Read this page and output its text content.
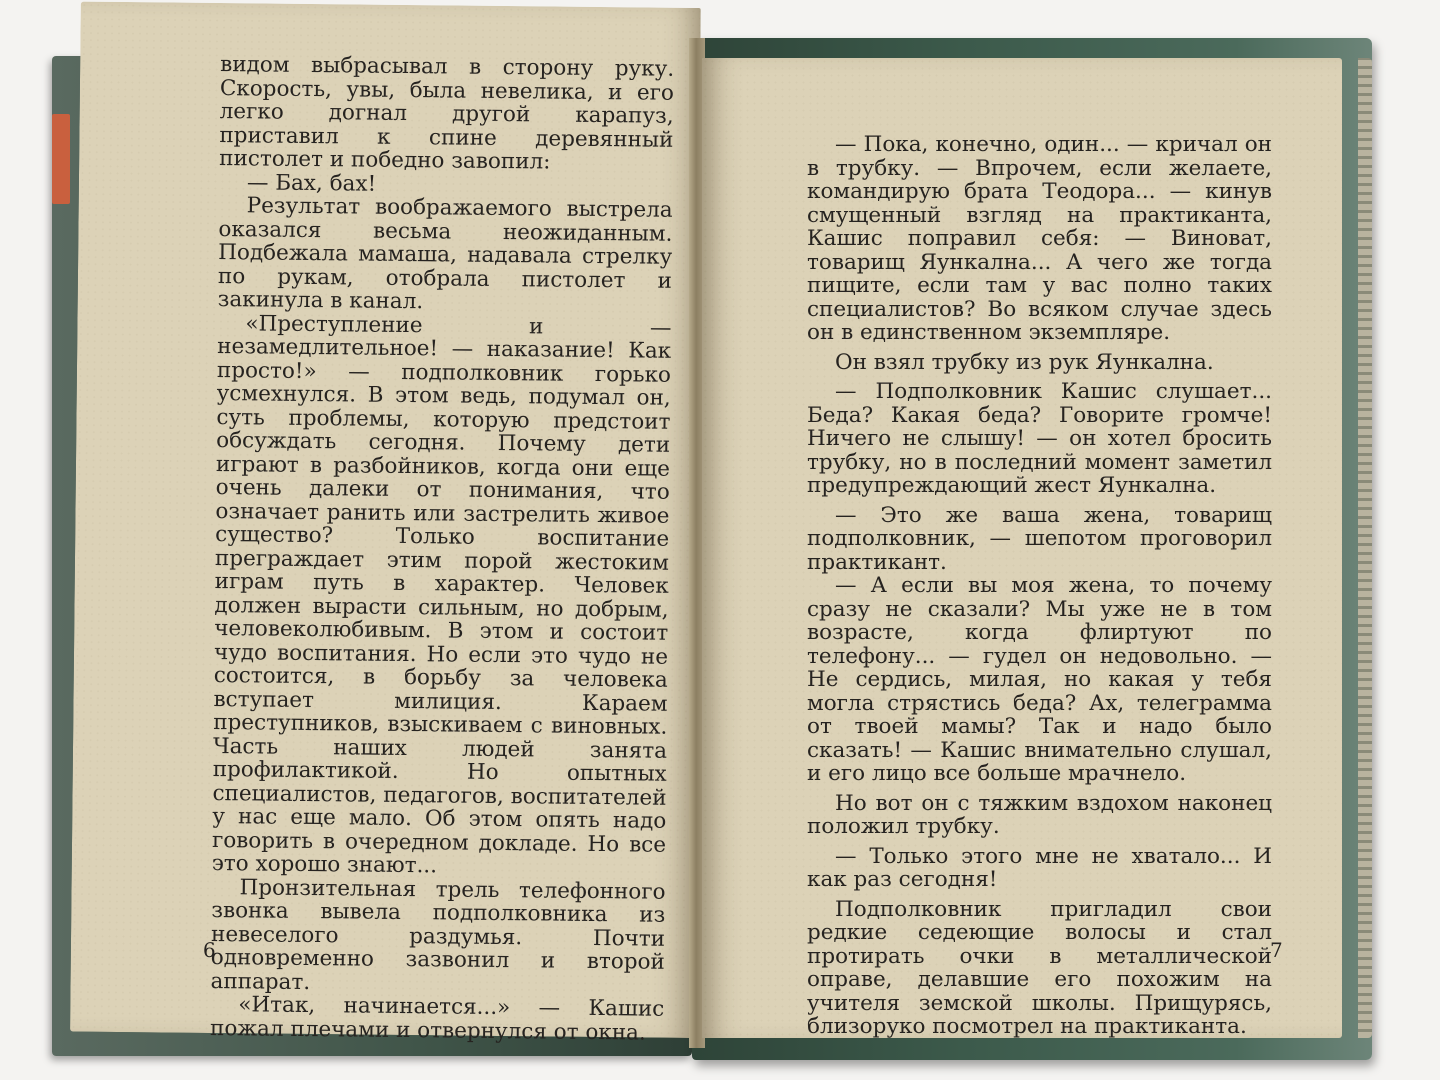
видом выбрасывал в сторону руку. Скорость, увы, была невелика, и его легко догнал другой карапуз, приставил к спине деревянный пистолет и победно завопил:

— Бах, бах!

Результат воображаемого выстрела оказался весьма неожиданным. Подбежала мамаша, надавала стрелку по рукам, отобрала пистолет и закинула в канал.

«Преступление и — незамедлительное! — наказание! Как просто!» — подполковник горько усмехнулся. В этом ведь, подумал он, суть проблемы, которую предстоит обсуждать сегодня. Почему дети играют в разбойников, когда они еще очень далеки от понимания, что означает ранить или застрелить живое существо? Только воспитание преграждает этим порой жестоким играм путь в характер. Человек должен вырасти сильным, но добрым, человеколюбивым. В этом и состоит чудо воспитания. Но если это чудо не состоится, в борьбу за человека вступает милиция. Караем преступников, взыскиваем с виновных. Часть наших людей занята профилактикой. Но опытных специалистов, педагогов, воспитателей у нас еще мало. Об этом опять надо говорить в очередном докладе. Но все это хорошо знают...

Пронзительная трель телефонного звонка вывела подполковника из невеселого раздумья. Почти одновременно зазвонил и второй аппарат.

«Итак, начинается...» — Кашис пожал плечами и отвернулся от окна.

6

— Пока, конечно, один... — кричал он в трубку. — Впрочем, если желаете, командирую брата Теодора... — кинув смущенный взгляд на практиканта, Кашис поправил себя: — Виноват, товарищ Яункална... А чего же тогда пищите, если там у вас полно таких специалистов? Во всяком случае здесь он в единственном экземпляре.

Он взял трубку из рук Яункална.

— Подполковник Кашис слушает... Беда? Какая беда? Говорите громче! Ничего не слышу! — он хотел бросить трубку, но в последний момент заметил предупреждающий жест Яункална.

— Это же ваша жена, товарищ подполковник, — шепотом проговорил практикант.

— А если вы моя жена, то почему сразу не сказали? Мы уже не в том возрасте, когда флиртуют по телефону... — гудел он недовольно. — Не сердись, милая, но какая у тебя могла стрястись беда? Ах, телеграмма от твоей мамы? Так и надо было сказать! — Кашис внимательно слушал, и его лицо все больше мрачнело.

Но вот он с тяжким вздохом наконец положил трубку.

— Только этого мне не хватало... И как раз сегодня!

Подполковник пригладил свои редкие седеющие волосы и стал протирать очки в металлической оправе, делавшие его похожим на учителя земской школы. Прищурясь, близоруко посмотрел на практиканта.

7
